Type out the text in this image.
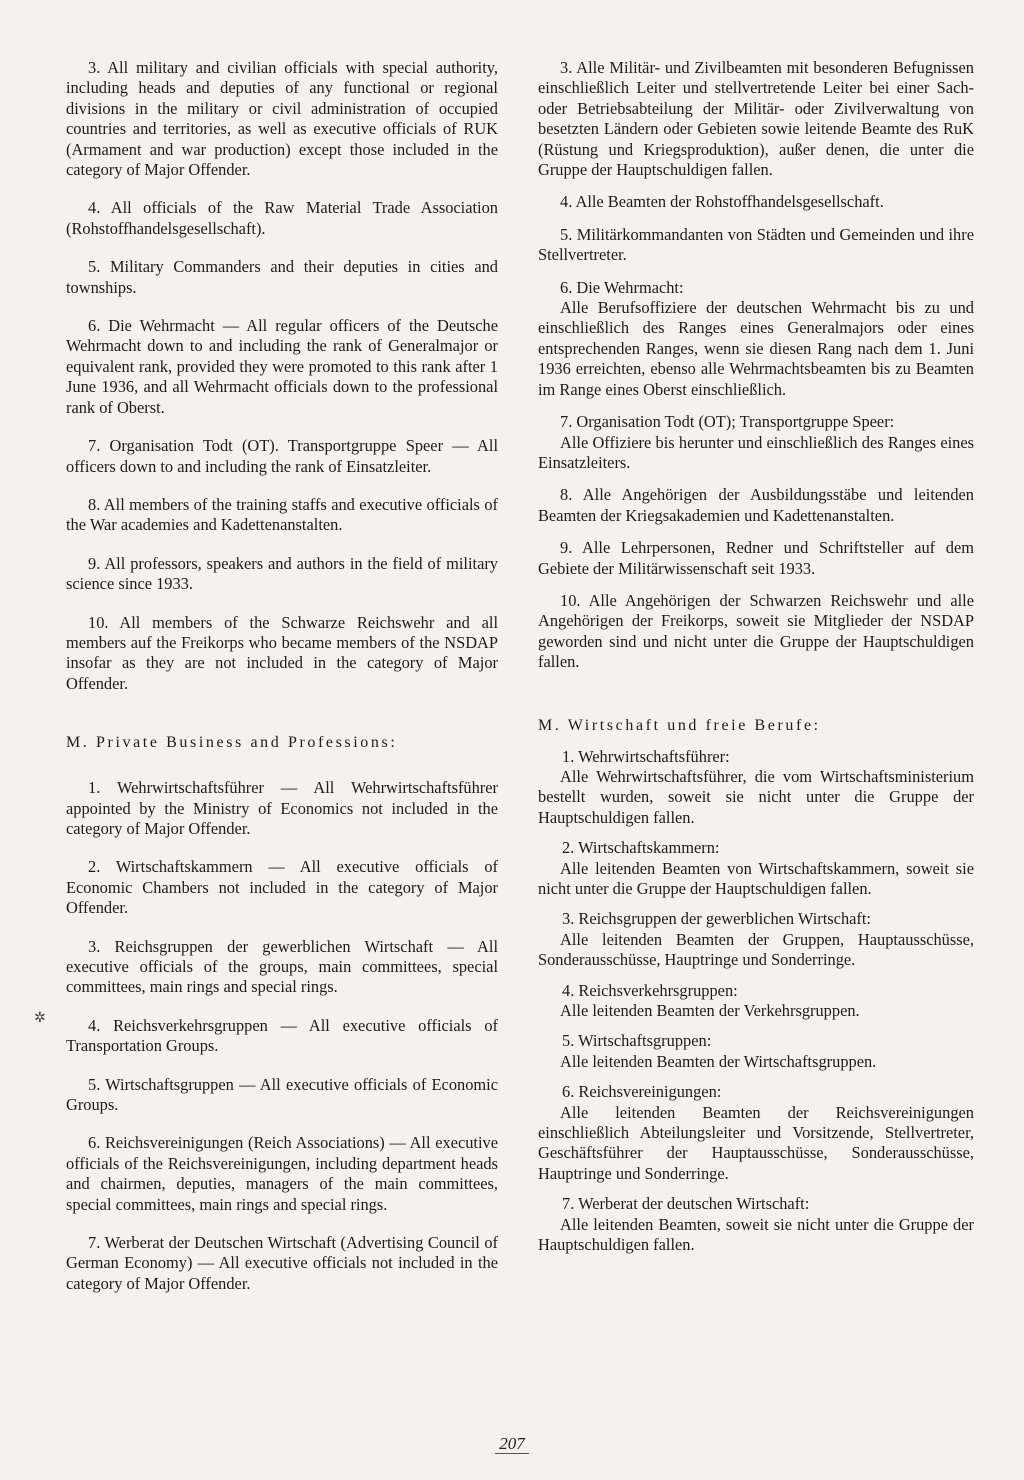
3. All military and civilian officials with special authority, including heads and deputies of any functional or regional divisions in the military or civil administration of occupied countries and territories, as well as executive officials of RUK (Armament and war production) except those included in the category of Major Offender.

4. All officials of the Raw Material Trade Association (Rohstoffhandelsgesellschaft).

5. Military Commanders and their deputies in cities and townships.

6. Die Wehrmacht — All regular officers of the Deutsche Wehrmacht down to and including the rank of Generalmajor or equivalent rank, provided they were promoted to this rank after 1 June 1936, and all Wehrmacht officials down to the professional rank of Oberst.

7. Organisation Todt (OT). Transportgruppe Speer — All officers down to and including the rank of Einsatzleiter.

8. All members of the training staffs and executive officials of the War academies and Kadettenanstalten.

9. All professors, speakers and authors in the field of military science since 1933.

10. All members of the Schwarze Reichswehr and all members auf the Freikorps who became members of the NSDAP insofar as they are not included in the category of Major Offender.

M. Private Business and Professions:

1. Wehrwirtschaftsführer — All Wehrwirtschaftsführer appointed by the Ministry of Economics not included in the category of Major Offender.

2. Wirtschaftskammern — All executive officials of Economic Chambers not included in the category of Major Offender.

3. Reichsgruppen der gewerblichen Wirtschaft — All executive officials of the groups, main committees, special committees, main rings and special rings.

4. Reichsverkehrsgruppen — All executive officials of Transportation Groups.

5. Wirtschaftsgruppen — All executive officials of Economic Groups.

6. Reichsvereinigungen (Reich Associations) — All executive officials of the Reichsvereinigungen, including department heads and chairmen, deputies, managers of the main committees, special committees, main rings and special rings.

7. Werberat der Deutschen Wirtschaft (Advertising Council of German Economy) — All executive officials not included in the category of Major Offender.

3. Alle Militär- und Zivilbeamten mit besonderen Befugnissen einschließlich Leiter und stellvertretende Leiter bei einer Sach- oder Betriebsabteilung der Militär- oder Zivilverwaltung von besetzten Ländern oder Gebieten sowie leitende Beamte des RuK (Rüstung und Kriegsproduktion), außer denen, die unter die Gruppe der Hauptschuldigen fallen.

4. Alle Beamten der Rohstoffhandelsgesellschaft.

5. Militärkommandanten von Städten und Gemeinden und ihre Stellvertreter.

6. Die Wehrmacht:

Alle Berufsoffiziere der deutschen Wehrmacht bis zu und einschließlich des Ranges eines Generalmajors oder eines entsprechenden Ranges, wenn sie diesen Rang nach dem 1. Juni 1936 erreichten, ebenso alle Wehrmachtsbeamten bis zu Beamten im Range eines Oberst einschließlich.

7. Organisation Todt (OT); Transportgruppe Speer:

Alle Offiziere bis herunter und einschließlich des Ranges eines Einsatzleiters.

8. Alle Angehörigen der Ausbildungsstäbe und leitenden Beamten der Kriegsakademien und Kadettenanstalten.

9. Alle Lehrpersonen, Redner und Schriftsteller auf dem Gebiete der Militärwissenschaft seit 1933.

10. Alle Angehörigen der Schwarzen Reichswehr und alle Angehörigen der Freikorps, soweit sie Mitglieder der NSDAP geworden sind und nicht unter die Gruppe der Hauptschuldigen fallen.

M. Wirtschaft und freie Berufe:

1. Wehrwirtschaftsführer:

Alle Wehrwirtschaftsführer, die vom Wirtschaftsministerium bestellt wurden, soweit sie nicht unter die Gruppe der Hauptschuldigen fallen.

2. Wirtschaftskammern:

Alle leitenden Beamten von Wirtschaftskammern, soweit sie nicht unter die Gruppe der Hauptschuldigen fallen.

3. Reichsgruppen der gewerblichen Wirtschaft:

Alle leitenden Beamten der Gruppen, Hauptausschüsse, Sonderausschüsse, Hauptringe und Sonderringe.

4. Reichsverkehrsgruppen:

Alle leitenden Beamten der Verkehrsgruppen.

5. Wirtschaftsgruppen:

Alle leitenden Beamten der Wirtschaftsgruppen.

6. Reichsvereinigungen:

Alle leitenden Beamten der Reichsvereinigungen einschließlich Abteilungsleiter und Vorsitzende, Stellvertreter, Geschäftsführer der Hauptausschüsse, Sonderausschüsse, Hauptringe und Sonderringe.

7. Werberat der deutschen Wirtschaft:

Alle leitenden Beamten, soweit sie nicht unter die Gruppe der Hauptschuldigen fallen.

✲
207
